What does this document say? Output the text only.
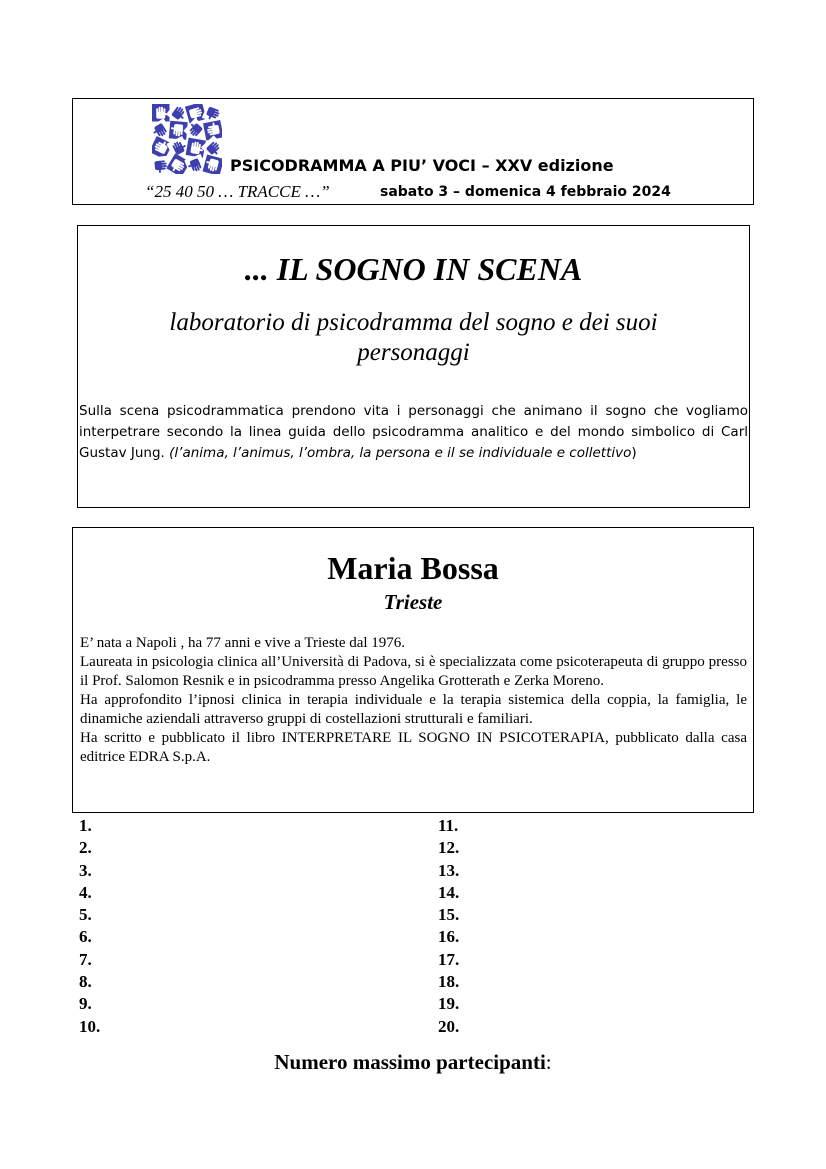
PSICODRAMMA A PIU’ VOCI – XXV edizione
“25 40 50 … TRACCE …”	sabato 3 – domenica 4 febbraio 2024
... IL SOGNO IN SCENA
laboratorio di psicodramma del sogno e dei suoi personaggi
Sulla scena psicodrammatica prendono vita i personaggi che animano il sogno che vogliamo interpetrare secondo la linea guida dello psicodramma analitico e del mondo simbolico di Carl Gustav Jung. (l’anima, l’animus, l’ombra, la persona e il se individuale e collettivo)
Maria Bossa
Trieste

E’ nata a Napoli , ha 77 anni e vive a Trieste dal 1976.

Laureata in psicologia clinica all’Università di Padova, si è specializzata come psicoterapeuta di gruppo presso il Prof. Salomon Resnik e in psicodramma presso Angelika Grotterath e Zerka Moreno.

Ha approfondito l’ipnosi clinica in terapia individuale e la terapia sistemica della coppia, la famiglia, le dinamiche aziendali attraverso gruppi di costellazioni strutturali e familiari.

Ha scritto e pubblicato il libro INTERPRETARE IL SOGNO IN PSICOTERAPIA, pubblicato dalla casa editrice EDRA S.p.A.

1.
2.
3.
4.
5.
6.
7.
8.
9.
10.
11.
12.
13.
14.
15.
16.
17.
18.
19.
20.
Numero massimo partecipanti:
